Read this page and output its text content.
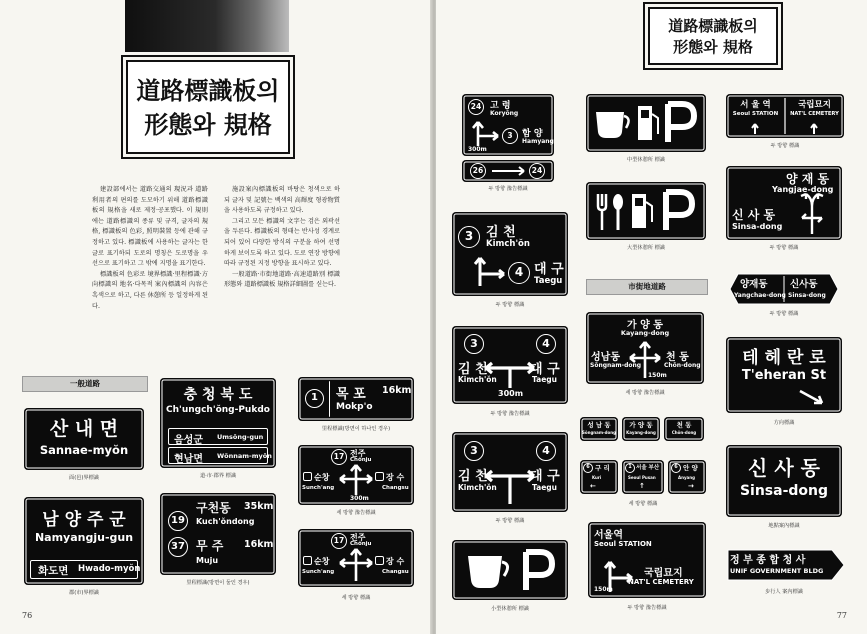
道路標識板의
形態와 規格

建設部에서는 道路交通의 現況과 道路利用者의 편의를 도모하기 위해 道路標識板의 規格을 새로 제정·공포했다. 이 規則에는 道路標識의 종류 및 규격, 글자의 規格, 標識板의 色彩, 照明裝置 등에 관해 규정하고 있다. 標識板에 사용하는 글자는 한글로 표기하되 도로의 명칭은 도로명을 우선으로 표기하고 그 밖에 지명을 표기한다.

標識板의 色彩로 境界標識·里程標識·方向標識의 地名·다목적 案內標識의 內容은 흑색으로 하고, 다른 休憩所 등 일정하게 된다.

施設案內標識板의 바탕은 청색으로 하되 글자 및 記號는 백색의 高輝度 형광物質을 사용하도록 규정하고 있다.

그리고 모든 標識의 文字는 검은 외곽선을 두른다. 標識板의 형태는 반사성 경계로 되어 있어 다양한 방식의 구분을 하여 선명하게 보이도록 하고 있다. 도로 연장 방향에 따라 규정된 지정 방향을 표시하고 있다.

一般道路·市街地道路·高速道路別 標識形態와 道路標識板 規格詳細圖를 싣는다.

一般道路
산 내 면
Sannae-myŏn
面(邑)界標識
충 청 북 도
Ch'ungch'ŏng-Pukdo
음성군 Umsŏng-gun
현남면 Wŏnnam-myŏn
道·市·郡界 標識
1	목 포 16km
Mokp'o
里程標識(방면이 하나인 경우)
17 전주
Chŏnju
순창
Sunch'ang
장 수
Changsu
300m
세 방향 豫告標識
남 양 주 군
Namyangju-gun
화도면 Hwado-myŏn
郡(市)界標識
19
37
구천동 35km
Kuch'ŏndong
무 주 16km
Muju
里程標識(방면이 둘인 경우)
17 전주
Chŏnju
순창
Sunch'ang
장 수
Changsu
세 방향 標識
76
道路標識板의
形態와 規格
24 고 령
Koryŏng
3	함 양
Hamyang
300m
26	24
두 방향 豫告標識
中型休憩所 標識
서 울 역
Seoul STATION
국립묘지
NAT'L CEMETERY
두 방향 標識
大型休憩所 標識
3 김 천
Kimch'ŏn
4 대 구
Taegu
두 방향 標識
양 재 동
Yangjae-dong
신 사 동
Sinsa-dong
두 방향 標識
양재동
Yangchae-dong
신사동
Sinsa-dong
두 방향 標識
市街地道路
가 양 동
Kayang-dong
성남동
Sŏngnam-dong
천 동
Chŏn-dong
150m
세 방향 豫告標識
3	4
김 천
Kimch'ŏn
대 구
Taegu
300m
두 방향 豫告標識
테 헤 란 로
T'eheran St
方向標識
성 남 동
Sŏngnam-dong
가 양 동
Kayang-dong
천 동
Chŏn-dong
6 구 리
Kuri
←
1 서울 부산
Seoul Pusan
↑
6 안 양
Anyang
→
세 방향 標識
3	4
김 천
Kimch'ŏn
대 구
Taegu
두 방향 標識
신 사 동
Sinsa-dong
地點案內標識
小型休憩所 標識
서울역
Seoul STATION
국립묘지
NAT'L CEMETERY
150m
두 방향 豫告標識
정 부 종 합 청 사
UNIF GOVERNMENT BLDG
步行人 案內標識
77
